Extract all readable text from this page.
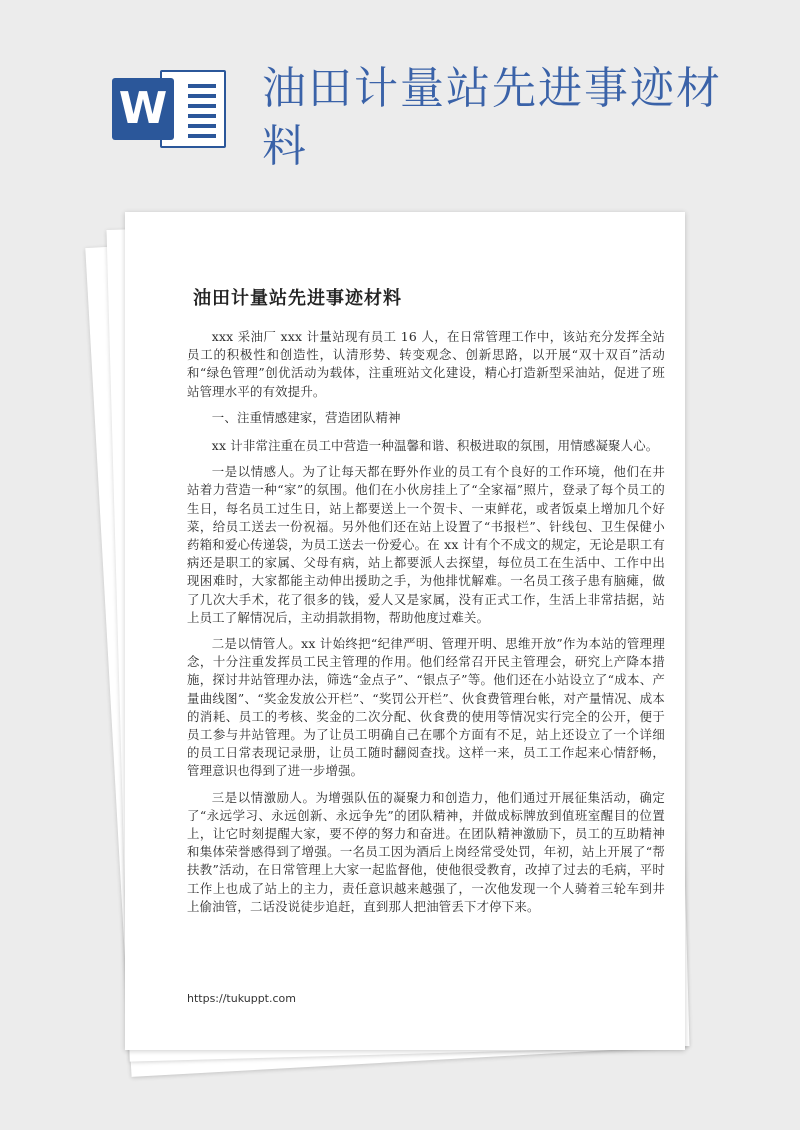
W 油田计量站先进事迹材料
油田计量站先进事迹材料

xxx 采油厂 xxx 计量站现有员工 16 人，在日常管理工作中，该站充分发挥全站员工的积极性和创造性，认清形势、转变观念、创新思路，以开展“双十双百”活动和“绿色管理”创优活动为载体，注重班站文化建设，精心打造新型采油站，促进了班站管理水平的有效提升。

一、注重情感建家，营造团队精神

xx 计非常注重在员工中营造一种温馨和谐、积极进取的氛围，用情感凝聚人心。

一是以情感人。为了让每天都在野外作业的员工有个良好的工作环境，他们在井站着力营造一种“家”的氛围。他们在小伙房挂上了“全家福”照片，登录了每个员工的生日，每名员工过生日，站上都要送上一个贺卡、一束鲜花，或者饭桌上增加几个好菜，给员工送去一份祝福。另外他们还在站上设置了“书报栏”、针线包、卫生保健小药箱和爱心传递袋，为员工送去一份爱心。在 xx 计有个不成文的规定，无论是职工有病还是职工的家属、父母有病，站上都要派人去探望，每位员工在生活中、工作中出现困难时，大家都能主动伸出援助之手，为他排忧解难。一名员工孩子患有脑瘫，做了几次大手术，花了很多的钱，爱人又是家属，没有正式工作，生活上非常拮据，站上员工了解情况后，主动捐款捐物，帮助他度过难关。

二是以情管人。xx 计始终把“纪律严明、管理开明、思维开放”作为本站的管理理念，十分注重发挥员工民主管理的作用。他们经常召开民主管理会，研究上产降本措施，探讨井站管理办法，筛选“金点子”、“银点子”等。他们还在小站设立了“成本、产量曲线图”、“奖金发放公开栏”、“奖罚公开栏”、伙食费管理台帐，对产量情况、成本的消耗、员工的考核、奖金的二次分配、伙食费的使用等情况实行完全的公开，便于员工参与井站管理。为了让员工明确自己在哪个方面有不足，站上还设立了一个详细的员工日常表现记录册，让员工随时翻阅查找。这样一来，员工工作起来心情舒畅，管理意识也得到了进一步增强。

三是以情激励人。为增强队伍的凝聚力和创造力，他们通过开展征集活动，确定了“永远学习、永远创新、永远争先”的团队精神，并做成标牌放到值班室醒目的位置上，让它时刻提醒大家，要不停的努力和奋进。在团队精神激励下，员工的互助精神和集体荣誉感得到了增强。一名员工因为酒后上岗经常受处罚，年初，站上开展了“帮扶教”活动，在日常管理上大家一起监督他，使他很受教育，改掉了过去的毛病，平时工作上也成了站上的主力，责任意识越来越强了，一次他发现一个人骑着三轮车到井上偷油管，二话没说徒步追赶，直到那人把油管丢下才停下来。

https://tukuppt.com
